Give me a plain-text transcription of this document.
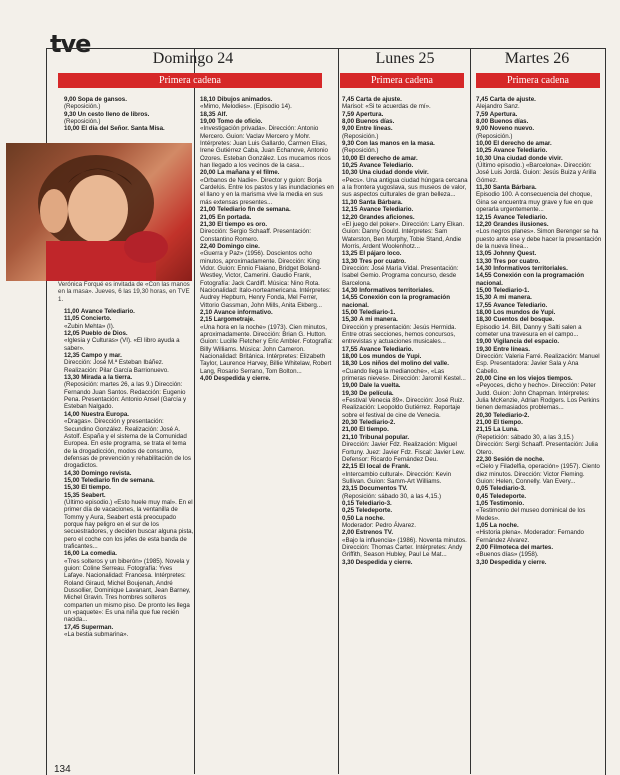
tve
Domingo 24	Lunes 25	Martes 26
Primera cadena	Primera cadena	Primera cadena

9,00 Sopa de gansos.

(Reposición.)

9,30 Un cesto lleno de libros.

(Reposición.)

10,00 El día del Señor. Santa Misa.

Verónica Forqué es invitada de «Con las manos en la masa». Jueves, 6 las 19,30 horas, en TVE 1.

11,00 Avance Telediario.

11,05 Concierto.

«Zubin Mehta» (I).

12,05 Pueblo de Dios.

«Iglesia y Culturas» (VI). «El libro ayuda a saber».

12,35 Campo y mar.

Dirección: José M.ª Esteban Ibáñez. Realización: Pilar García Barrionuevo.

13,30 Mirada a la tierra.

(Reposición: martes 26, a las 9.) Dirección: Fernando Juan Santos. Redacción: Eugenio Pena. Presentación: Antonio Ansel (García y Esteban Nalgado.

14,00 Nuestra Europa.

«Dragas». Dirección y presentación: Secundino González. Realización: José A. Astolf. España y el sistema de la Comunidad Europea. En este programa, se trata el tema de la drogadicción, modos de consumo, defensas de prevención y rehabilitación de los drogadictos.

14,30 Domingo revista.

15,00 Telediario fin de semana.

15,30 El tiempo.

15,35 Seabert.

(Último episodio.) «Esto huele muy mal». En el primer día de vacaciones, la ventanilla de Tommy y Aura, Seabert está preocupado porque hay peligro en el sur de los secuestradores, y deciden buscar alguna pista, pero el coche con los jefes de esta banda de traficantes...

16,00 La comedia.

«Tres solteros y un biberón» (1985). Novela y guion: Coline Serreau. Fotografía: Yves Lafaye. Nacionalidad: Francesa. Intérpretes: Roland Giraud, Michel Boujenah, André Dussollier, Dominique Lavanant, Jean Barney, Michel Gravin. Tres hombres solteros comparten un mismo piso. De pronto les llega un «paquete»: Es una niña que fue recién nacida...

17,45 Superman.

«La bestia submarina».

18,10 Dibujos animados.

«Mimo, Melodies». (Episodio 14).

18,35 Alf.

19,00 Tomo de oficio.

«Investigación privada». Dirección: Antonio Mercero. Guion: Vaclav Mercero y Mohr. Intérpretes: Juan Luis Gallardo, Carmen Elias, Irene Gutiérrez Caba, Juan Echanove, Antonio Ozores. Esteban González. Los mucamos ricos han llegado a los vecinos de la casa...

20,00 La mañana y el filme.

«Orbanos de Nadie». Director y guion: Borja Cardelús. Entre los pastos y las inundaciones en el llano y en la marisma vive la media en sus más extensas presentes...

21,00 Telediario fin de semana.

21,05 En portada.

21,30 El tiempo es oro.

Dirección: Sergio Schaaff. Presentación: Constantino Romero.

22,40 Domingo cine.

«Guerra y Paz» (1956). Doscientos ocho minutos, aproximadamente. Dirección: King Vidor. Guion: Ennio Flaiano, Bridget Boland-Westley, Victor, Camerini. Gaudio Frank, Fotografía: Jack Cardiff. Música: Nino Rota. Nacionalidad: Italo-norteamericana. Intérpretes: Audrey Hepburn, Henry Fonda, Mel Ferrer, Vittorio Gassman, John Mills, Anita Ekberg...

2,10 Avance informativo.

2,15 Largometraje.

«Una hora en la noche» (1973). Cien minutos, aproximadamente. Dirección: Brian G. Hutton. Guion: Lucille Fletcher y Eric Ambler. Fotografía: Billy Williams. Música: John Cameron. Nacionalidad: Británica. Intérpretes: Elizabeth Taylor, Laurence Harvey, Billie Whitelaw, Robert Lang, Rosario Serrano, Tom Bolton...

4,00 Despedida y cierre.

7,45 Carta de ajuste.

Marisol: «Si te acuerdas de mí».

7,59 Apertura.

8,00 Buenos días.

9,00 Entre líneas.

(Reposición.)

9,30 Con las manos en la masa.

(Reposición.)

10,00 El derecho de amar.

10,25 Avance Telediario.

10,30 Una ciudad donde vivir.

«Pecs». Una antigua ciudad húngara cercana a la frontera yugoslava, sus museos de valor, sus aspectos culturales de gran belleza...

11,30 Santa Bárbara.

12,15 Avance Telediario.

12,20 Grandes aficiones.

«El juego del poker». Dirección: Larry Elkan. Guion: Danny Gould. Intérpretes: Sam Waterston, Ben Murphy, Tobie Stand, Andie Morris, Ardent Woolenhotz...

13,25 El pájaro loco.

13,30 Tres por cuatro.

Dirección: José María Vidal. Presentación: Isabel Gemio. Programa concurso, desde Barcelona.

14,30 Informativos territoriales.

14,55 Conexión con la programación nacional.

15,00 Telediario-1.

15,30 A mi manera.

Dirección y presentación: Jesús Hermida. Entre otras secciones, hemos concursos, entrevistas y actuaciones musicales...

17,55 Avance Telediario.

18,00 Los mundos de Yupi.

18,30 Los niños del molino del valle.

«Cuando llega la medianoche», «Las primeras nieves». Dirección: Jaromil Kestel...

19,00 Dale la vuelta.

19,30 De película.

«Festival Venecia 89». Dirección: José Ruiz. Realización: Leopoldo Gutiérrez. Reportaje sobre el festival de cine de Venecia.

20,30 Telediario-2.

21,00 El tiempo.

21,10 Tribunal popular.

Dirección: Javier Fdz. Realización: Miguel Fortuny. Juez: Javier Fdz. Fiscal: Javier Lew. Defensor: Ricardo Fernández Deu.

22,15 El local de Frank.

«Intercambio cultural». Dirección: Kevin Sullivan. Guion: Samm-Art Williams.

23,15 Documentos TV.

(Reposición: sábado 30, a las 4,15.)

0,15 Telediario-3.

0,25 Teledeporte.

0,50 La noche.

Moderador: Pedro Álvarez.

2,00 Estrenos TV.

«Bajo la influencia» (1986). Noventa minutos. Dirección: Thomas Carter. Intérpretes: Andy Griffith, Season Hubley, Paul Le Mat...

3,30 Despedida y cierre.

7,45 Carta de ajuste.

Alejandro Sanz.

7,59 Apertura.

8,00 Buenos días.

9,00 Noveno nuevo.

(Reposición.)

10,00 El derecho de amar.

10,25 Avance Telediario.

10,30 Una ciudad donde vivir.

(Último episodio.) «Barcelona». Dirección: José Luis Jordá. Guion: Jesús Buiza y Arilla Gómez.

11,30 Santa Bárbara.

Episodio 100. A consecuencia del choque, Gina se encuentra muy grave y fue en que operarla urgentemente...

12,15 Avance Telediario.

12,20 Grandes ilusiones.

«Los negros planes». Simon Berenger se ha puesto ante ese y debe hacer la presentación de la nueva línea...

13,05 Johnny Quest.

13,30 Tres por cuatro.

14,30 Informativos territoriales.

14,55 Conexión con la programación nacional.

15,00 Telediario-1.

15,30 A mi manera.

17,55 Avance Telediario.

18,00 Los mundos de Yupi.

18,30 Cuentos del bosque.

Episodio 14. Bill, Danny y Salti salen a cometer una travesura en el campo...

19,00 Vigilancia del espacio.

19,30 Entre líneas.

Dirección: Valeria Farré. Realización: Manuel Esp. Presentadora: Javier Sala y Ana Cabello.

20,00 Cine en los viejos tiempos.

«Peyoces, dicho y hecho». Dirección: Peter Judd. Guion: John Chapman. Intérpretes: Julia McKenzie, Adrian Rodgers. Los Perkins tienen demasiados problemas...

20,30 Telediario-2.

21,00 El tiempo.

21,15 La Luna.

(Repetición: sábado 30, a las 3,15.) Dirección: Sergi Schaaff. Presentación: Julia Otero.

22,30 Sesión de noche.

«Cielo y Filadelfia, operación» (1957). Ciento diez minutos. Dirección: Victor Fleming. Guion: Helen, Connelly. Van Every...

0,05 Telediario-3.

0,45 Teledeporte.

1,05 Testimonio.

«Testimonio del museo dominical de los Medes».

1,05 La noche.

«Historia plena». Moderador: Fernando Fernández Alvarez.

2,00 Filmoteca del martes.

«Buenos días» (1958).

3,30 Despedida y cierre.

134
